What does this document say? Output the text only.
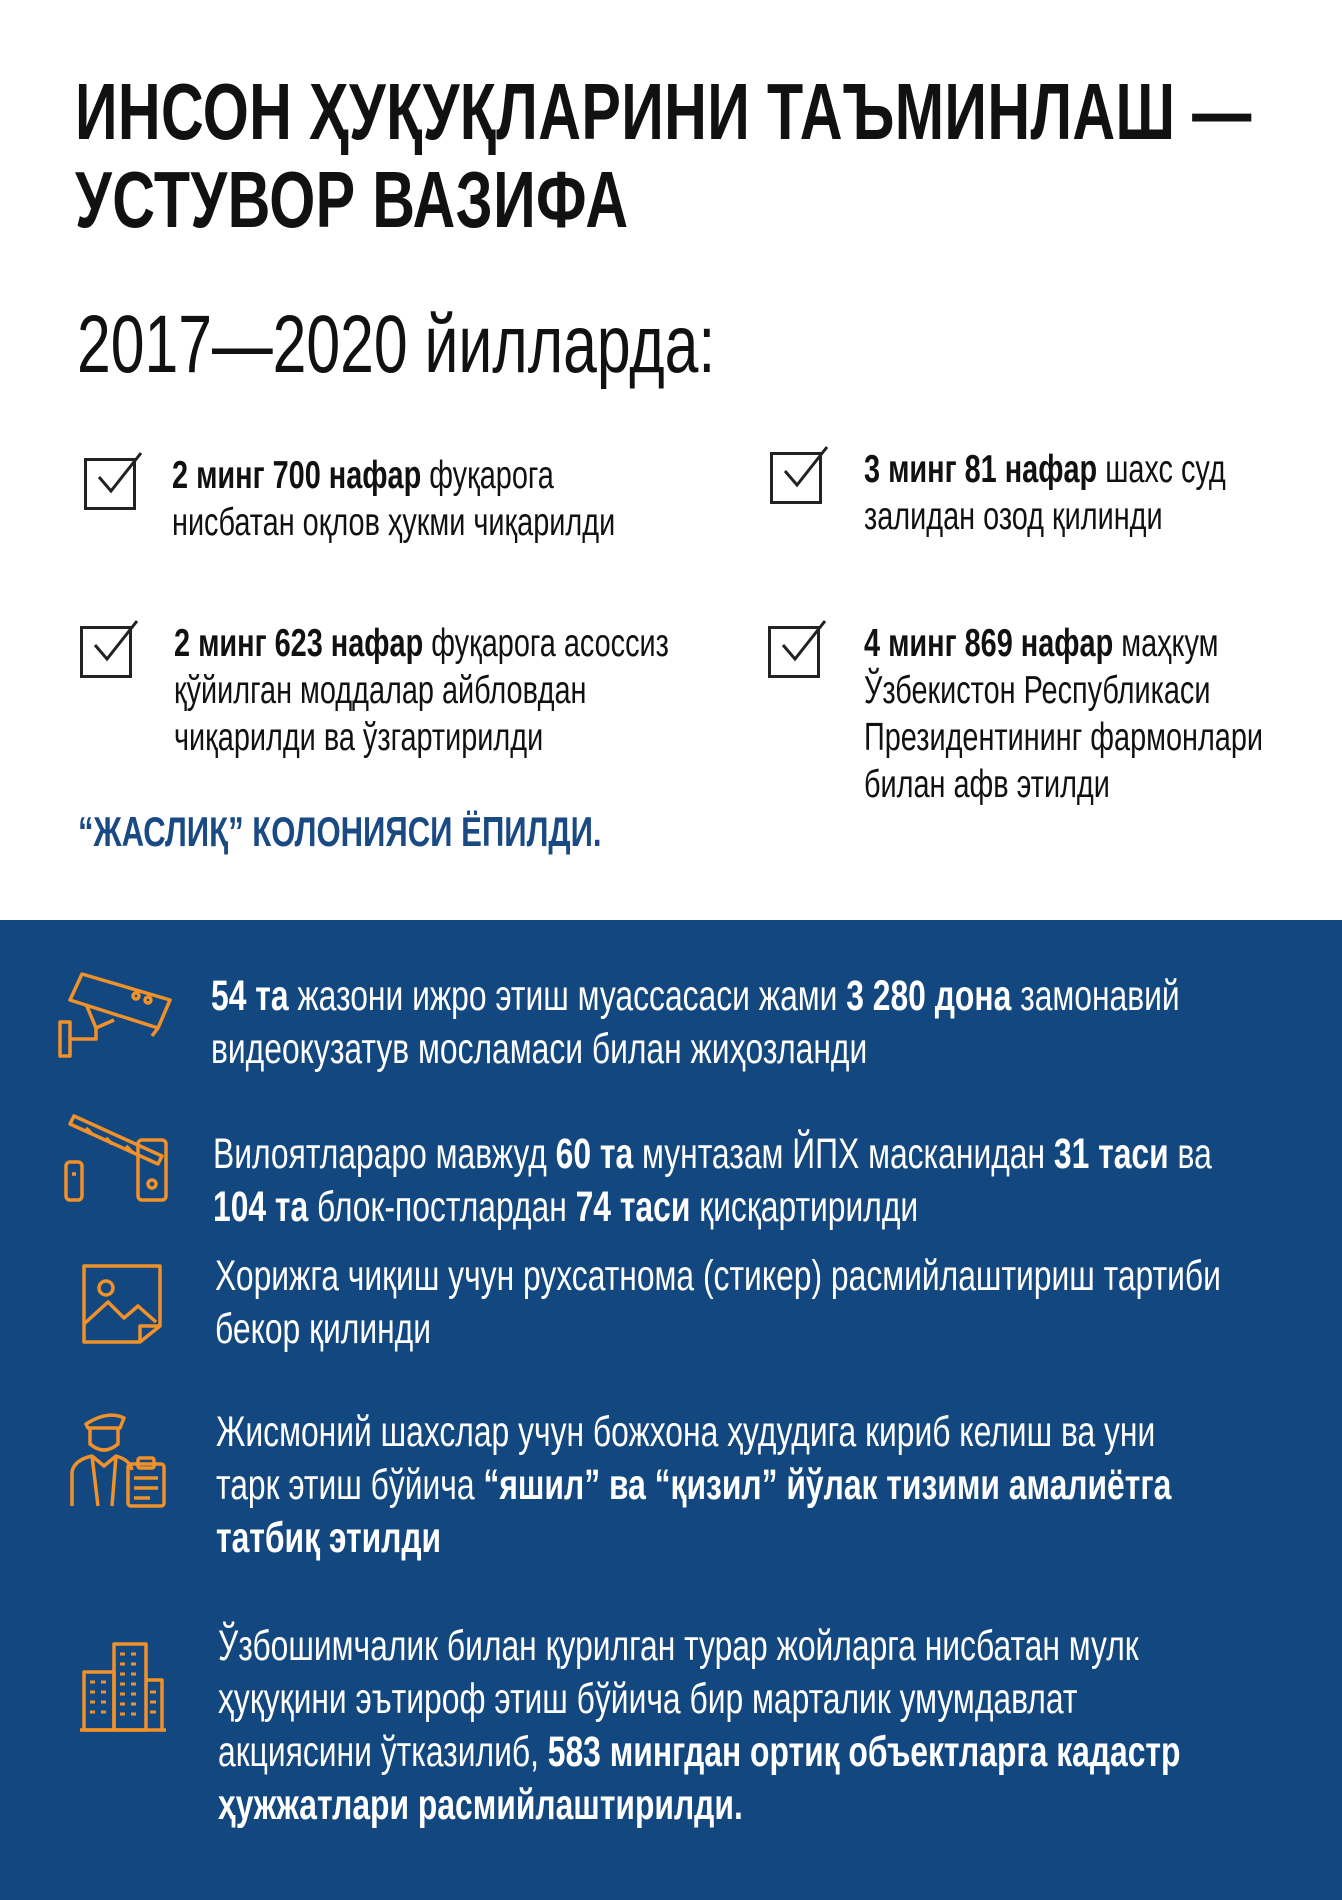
ИНСОН ҲУҚУҚЛАРИНИ ТАЪМИНЛАШ —
УСТУВОР ВАЗИФА
2017—2020 йилларда:
2 минг 700 нафар фуқарога
нисбатан оқлов ҳукми чиқарилди
3 минг 81 нафар шахс суд
залидан озод қилинди
2 минг 623 нафар фуқарога асоссиз
қўйилган моддалар айбловдан
чиқарилди ва ўзгартирилди
4 минг 869 нафар маҳкум
Ўзбекистон Республикаси
Президентининг фармонлари
билан афв этилди
“ЖАСЛИҚ” КОЛОНИЯСИ ЁПИЛДИ.
54 та жазони ижро этиш муассасаси жами 3 280 дона замонавий
видеокузатув мосламаси билан жиҳозланди
Вилоятлараро мавжуд 60 та мунтазам ЙПХ масканидан 31 таси ва
104 та блок-постлардан 74 таси қисқартирилди
Хорижга чиқиш учун рухсатнома (стикер) расмийлаштириш тартиби
бекор қилинди
Жисмоний шахслар учун божхона ҳудудига кириб келиш ва уни
тарк этиш бўйича “яшил” ва “қизил” йўлак тизими амалиётга
татбиқ этилди
Ўзбошимчалик билан қурилган турар жойларга нисбатан мулк
ҳуқуқини эътироф этиш бўйича бир марталик умумдавлат
акциясини ўтказилиб, 583 мингдан ортиқ объектларга кадастр
ҳужжатлари расмийлаштирилди.
